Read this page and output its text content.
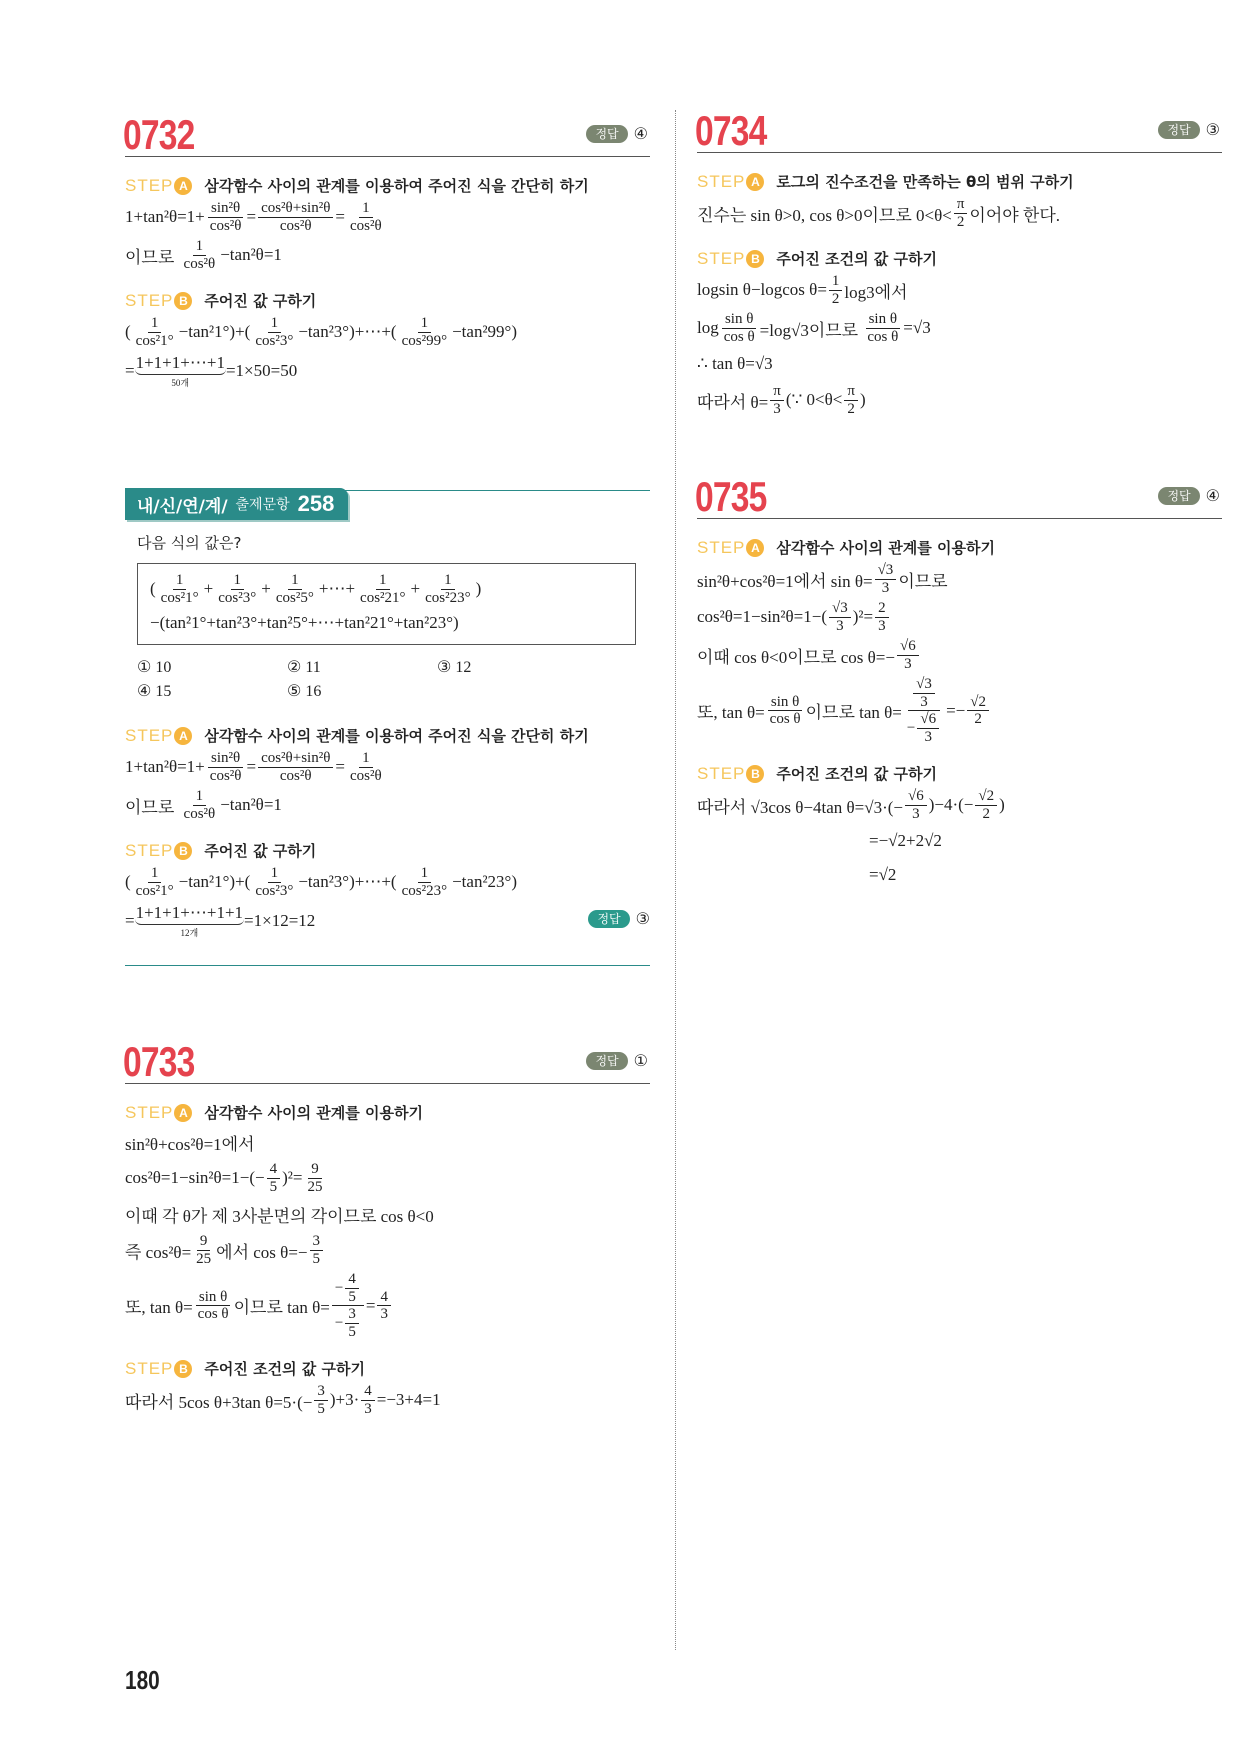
0732	정답 ④
STEP A	삼각함수 사이의 관계를 이용하여 주어진 식을 간단히 하기
$1+\tan^2\theta=1+ \frac{\text{sin²θ}}{\text{cos²θ}} = \frac{\text{cos²θ+sin²θ}}{\text{cos²θ}} = \frac{1}{\text{cos²θ}}$
이므로 $\frac{1}{\text{cos²θ}} -\tan^2\theta=1$
STEP B	주어진 값 구하기
( $\frac{1}{\text{cos²1°}} -\tan^21^\circ)+( \frac{1}{\text{cos²3°}}$ −tan²3°)+⋯+( $\frac{1}{\text{cos²99°}} -\tan^299^\circ$)
= 1+1+1+⋯+1
50개
=1×50=50
내/신/연/계/ 출제문항 258
다음 식의 값은?
( $\frac{1}{\text{cos²1°}} + \frac{1}{\text{cos²3°}} + \frac{1}{\text{cos²5°}}$ +⋯+ $\frac{1}{\text{cos²21°}} + \frac{1}{\text{cos²23°}}$ )
−(tan²1°+tan²3°+tan²5°+⋯+tan²21°+tan²23°)
① 10	② 11	③ 12
④ 15	⑤ 16
STEP A	삼각함수 사이의 관계를 이용하여 주어진 식을 간단히 하기
$1+\tan^2\theta=1+ \frac{\text{sin²θ}}{\text{cos²θ}} = \frac{\text{cos²θ+sin²θ}}{\text{cos²θ}} = \frac{1}{\text{cos²θ}}$
이므로 $\frac{1}{\text{cos²θ}} -\tan^2\theta=1$
STEP B	주어진 값 구하기
( $\frac{1}{\text{cos²1°}} -\tan^21^\circ)+( \frac{1}{\text{cos²3°}}$ −tan²3°)+⋯+( $\frac{1}{\text{cos²23°}} -\tan^223^\circ$)
= 1+1+1+⋯+1+1
12개
=1×12=12	정답 ③
0733	정답 ①
STEP A	삼각함수 사이의 관계를 이용하기
sin²θ+cos²θ=1에서
$\cos^2\theta=1-\sin^2\theta=1-(- \frac{4}{5} )^2= \frac{9}{25}$
이때 각 θ가 제 3사분면의 각이므로 cos θ<0
즉 $\cos^2\theta= \frac{9}{25}$ 에서 $\cos \theta=- \frac{3}{5}$
또, $\tan \theta= \frac{\text{sin θ}}{\text{cos θ}}$ 이므로 $\tan \theta= \frac{- \frac{4}{5}}{- \frac{3}{5}} = \frac{4}{3}$
STEP B	주어진 조건의 값 구하기
따라서 5cos θ+3tan $\theta=5\cdot(- \frac{3}{5} )+3\cdot \frac{4}{3} =-3+4=1$
0734	정답 ③
STEP A	로그의 진수조건을 만족하는 θ의 범위 구하기
진수는 sin θ>0, cos θ>0이므로 $0<\theta< \frac{\pi}{2}$ 이어야 한다.
STEP B	주어진 조건의 값 구하기
logsin θ−logcos $\theta= \frac{1}{2} \log 3$에서
$\log \frac{\text{sin θ}}{\text{cos θ}} =\log√3$이므로 $\frac{\text{sin θ}}{\text{cos θ}} =√3$
∴ tan θ=√3
따라서 $\theta= \frac{\pi}{3}$ (∵ $0<\theta< \frac{\pi}{2}$ )
0735	정답 ④
STEP A	삼각함수 사이의 관계를 이용하기
sin²θ+cos²θ=1에서 $\sin \theta= \frac{√3}{3}$ 이므로
$\cos^2\theta=1-\sin^2\theta=1-( \frac{√3}{3} )^2= \frac{2}{3}$
이때 cos θ<0이므로 $\cos \theta=- \frac{√6}{3}$
또, $\tan \theta= \frac{\text{sin θ}}{\text{cos θ}}$ 이므로 $\tan \theta= \frac{\frac{√3}{3}}{- \frac{√6}{3}} =- \frac{√2}{2}$
STEP B	주어진 조건의 값 구하기
따라서 √3cos θ−4tan $\theta=√3\cdot(- \frac{√6}{3} )-4\cdot(- \frac{√2}{2}$ )
=−√2+2√2
=√2
180
